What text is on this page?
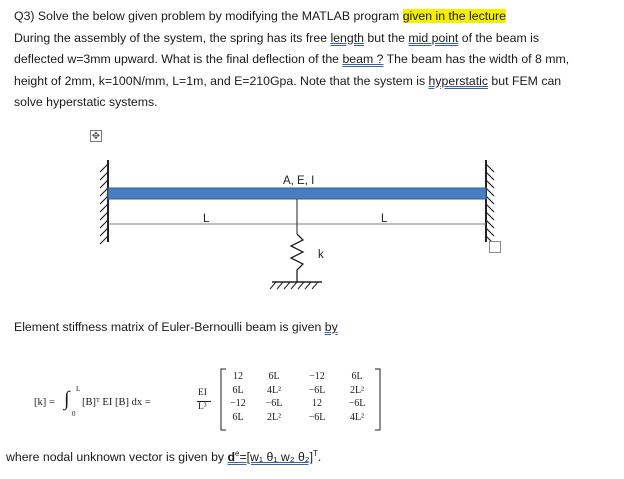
Q3) Solve the below given problem by modifying the MATLAB program given in the lecture
During the assembly of the system, the spring has its free length but the mid point of the beam is
deflected w=3mm upward. What is the final deflection of the beam ? The beam has the width of 8 mm,
height of 2mm, k=100N/mm, L=1m, and E=210Gpa. Note that the system is hyperstatic but FEM can
solve hyperstatic systems.
✥
A, E, I
L	L
k
Element stiffness matrix of Euler-Bernoulli beam is given by
[k] = ∫ L
0
[B]ᵀ EI [B] dx =
EI
L³
12	6L	−12	6L
6L	4L²	−6L	2L²
−12	−6L	12	−6L
6L	2L²	−6L	4L²
where nodal unknown vector is given by $d^e=[w_1$ θ₁ w₂ θ₂]$^T$.
